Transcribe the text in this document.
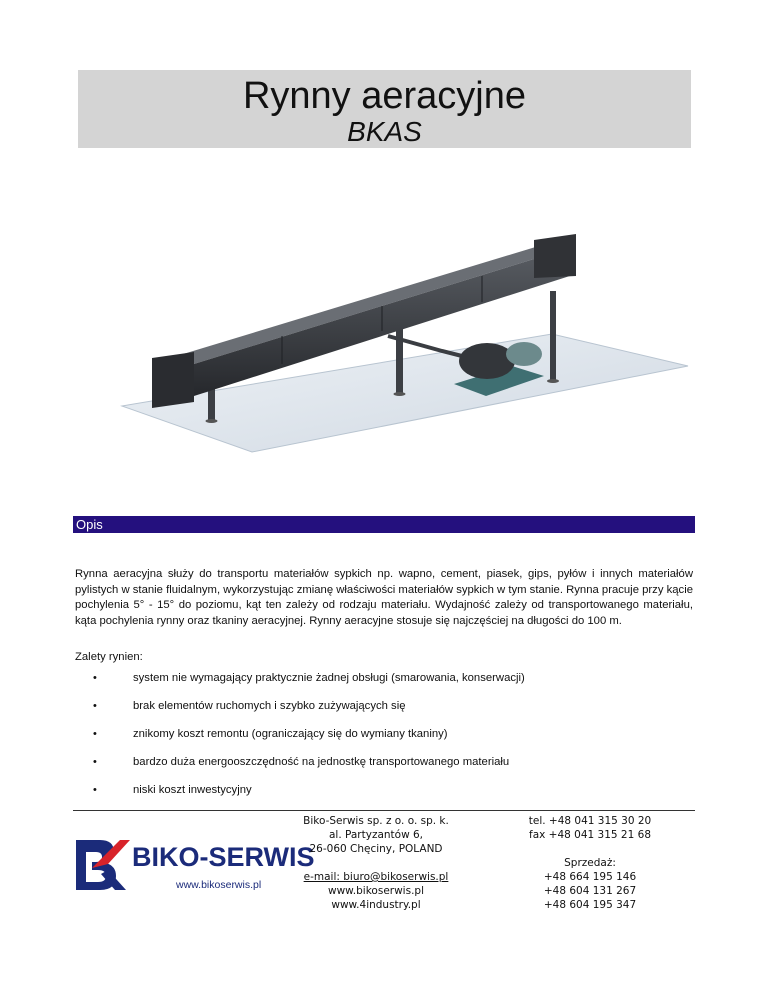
Rynny aeracyjne
BKAS
Opis

Rynna aeracyjna służy do transportu materiałów sypkich np. wapno, cement, piasek, gips, pyłów i innych materiałów pylistych w stanie fluidalnym, wykorzystując zmianę właściwości materiałów sypkich w tym stanie. Rynna pracuje przy kącie pochylenia 5° - 15° do poziomu, kąt ten zależy od rodzaju materiału. Wydajność zależy od transportowanego materiału, kąta pochylenia rynny oraz tkaniny aeracyjnej. Rynny aeracyjne stosuje się najczęściej na długości do 100 m.

Zalety rynien:

•	system nie wymagający praktycznie żadnej obsługi (smarowania, konserwacji)
•	brak elementów ruchomych i szybko zużywających się
•	znikomy koszt remontu (ograniczający się do wymiany tkaniny)
•	bardzo duża energooszczędność na jednostkę transportowanego materiału
•	niski koszt inwestycyjny
BIKO-SERWIS
www.bikoserwis.pl
Biko-Serwis sp. z o. o. sp. k.
al. Partyzantów 6,
26-060 Chęciny, POLAND
e-mail: biuro@bikoserwis.pl
www.bikoserwis.pl
www.4industry.pl
tel. +48 041 315 30 20
fax +48 041 315 21 68
Sprzedaż:
+48 664 195 146
+48 604 131 267
+48 604 195 347
